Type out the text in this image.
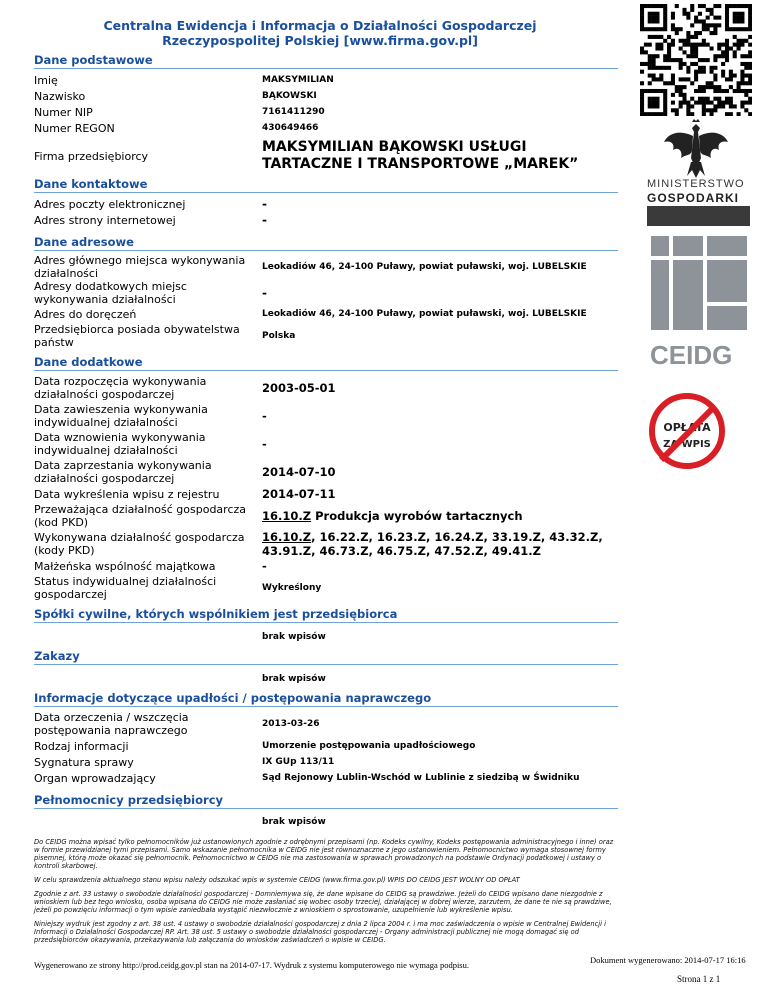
Centralna Ewidencja i Informacja o Działalności Gospodarczej
Rzeczypospolitej Polskiej [www.firma.gov.pl]
Dane podstawowe
Imię	MAKSYMILIAN
Nazwisko	BĄKOWSKI
Numer NIP	7161411290
Numer REGON	430649466
Firma przedsiębiorcy
MAKSYMILIAN BĄKOWSKI USŁUGI TARTACZNE I TRANSPORTOWE „MAREK”
Dane kontaktowe
Adres poczty elektronicznej	-
Adres strony internetowej	-
Dane adresowe
Adres głównego miejsca wykonywania działalności	Leokadiów 46, 24-100 Puławy, powiat puławski, woj. LUBELSKIE
Adresy dodatkowych miejsc wykonywania działalności	-
Adres do doręczeń	Leokadiów 46, 24-100 Puławy, powiat puławski, woj. LUBELSKIE
Przedsiębiorca posiada obywatelstwa państw	Polska
Dane dodatkowe
Data rozpoczęcia wykonywania działalności gospodarczej	2003-05-01
Data zawieszenia wykonywania indywidualnej działalności	-
Data wznowienia wykonywania indywidualnej działalności	-
Data zaprzestania wykonywania działalności gospodarczej	2014-07-10
Data wykreślenia wpisu z rejestru	2014-07-11
Przeważająca działalność gospodarcza (kod PKD)	16.10.Z Produkcja wyrobów tartacznych
Wykonywana działalność gospodarcza (kody PKD)
16.10.Z, 16.22.Z, 16.23.Z, 16.24.Z, 33.19.Z, 43.32.Z, 43.91.Z, 46.73.Z, 46.75.Z, 47.52.Z, 49.41.Z
Małżeńska wspólność majątkowa	-
Status indywidualnej działalności gospodarczej	Wykreślony
Spółki cywilne, których wspólnikiem jest przedsiębiorca
brak wpisów
Zakazy
brak wpisów
Informacje dotyczące upadłości / postępowania naprawczego
Data orzeczenia / wszczęcia postępowania naprawczego	2013-03-26
Rodzaj informacji	Umorzenie postępowania upadłościowego
Sygnatura sprawy	IX GUp 113/11
Organ wprowadzający	Sąd Rejonowy Lublin-Wschód w Lublinie z siedzibą w Świdniku
Pełnomocnicy przedsiębiorcy
brak wpisów
Do CEIDG można wpisać tylko pełnomocników już ustanowionych zgodnie z odrębnymi przepisami (np. Kodeks cywilny, Kodeks postępowania administracyjnego i inne) oraz w formie przewidzianej tymi przepisami. Samo wskazanie pełnomocnika w CEIDG nie jest równoznaczne z jego ustanowieniem. Pełnomocnictwo wymaga stosownej formy pisemnej, którą może okazać się pełnomocnik. Pełnomocnictwo w CEIDG nie ma zastosowania w sprawach prowadzonych na podstawie Ordynacji podatkowej i ustawy o kontroli skarbowej.
W celu sprawdzenia aktualnego stanu wpisu należy odszukać wpis w systemie CEIDG (www.firma.gov.pl) WPIS DO CEIDG JEST WOLNY OD OPŁAT
Zgodnie z art. 33 ustawy o swobodzie działalności gospodarczej - Domniemywa się, że dane wpisane do CEIDG są prawdziwe. Jeżeli do CEIDG wpisano dane niezgodnie z wnioskiem lub bez tego wniosku, osoba wpisana do CEIDG nie może zasłaniać się wobec osoby trzeciej, działającej w dobrej wierze, zarzutem, że dane te nie są prawdziwe, jeżeli po powzięciu informacji o tym wpisie zaniedbała wystąpić niezwłocznie z wnioskiem o sprostowanie, uzupełnienie lub wykreślenie wpisu.
Niniejszy wydruk jest zgodny z art. 38 ust. 4 ustawy o swobodzie działalności gospodarczej z dnia 2 lipca 2004 r. i ma moc zaświadczenia o wpisie w Centralnej Ewidencji i Informacji o Działalności Gospodarczej RP. Art. 38 ust. 5 ustawy o swobodzie działalności gospodarczej - Organy administracji publicznej nie mogą domagać się od przedsiębiorców okazywania, przekazywania lub załączania do wniosków zaświadczeń o wpisie w CEIDG.
MINISTERSTWO
GOSPODARKI
CEIDG
OPŁATA
ZA WPIS
Wygenerowano ze strony http://prod.ceidg.gov.pl stan na 2014-07-17. Wydruk z systemu komputerowego nie wymaga podpisu.	Dokument wygenerowano: 2014-07-17 16:16
Strona 1 z 1
